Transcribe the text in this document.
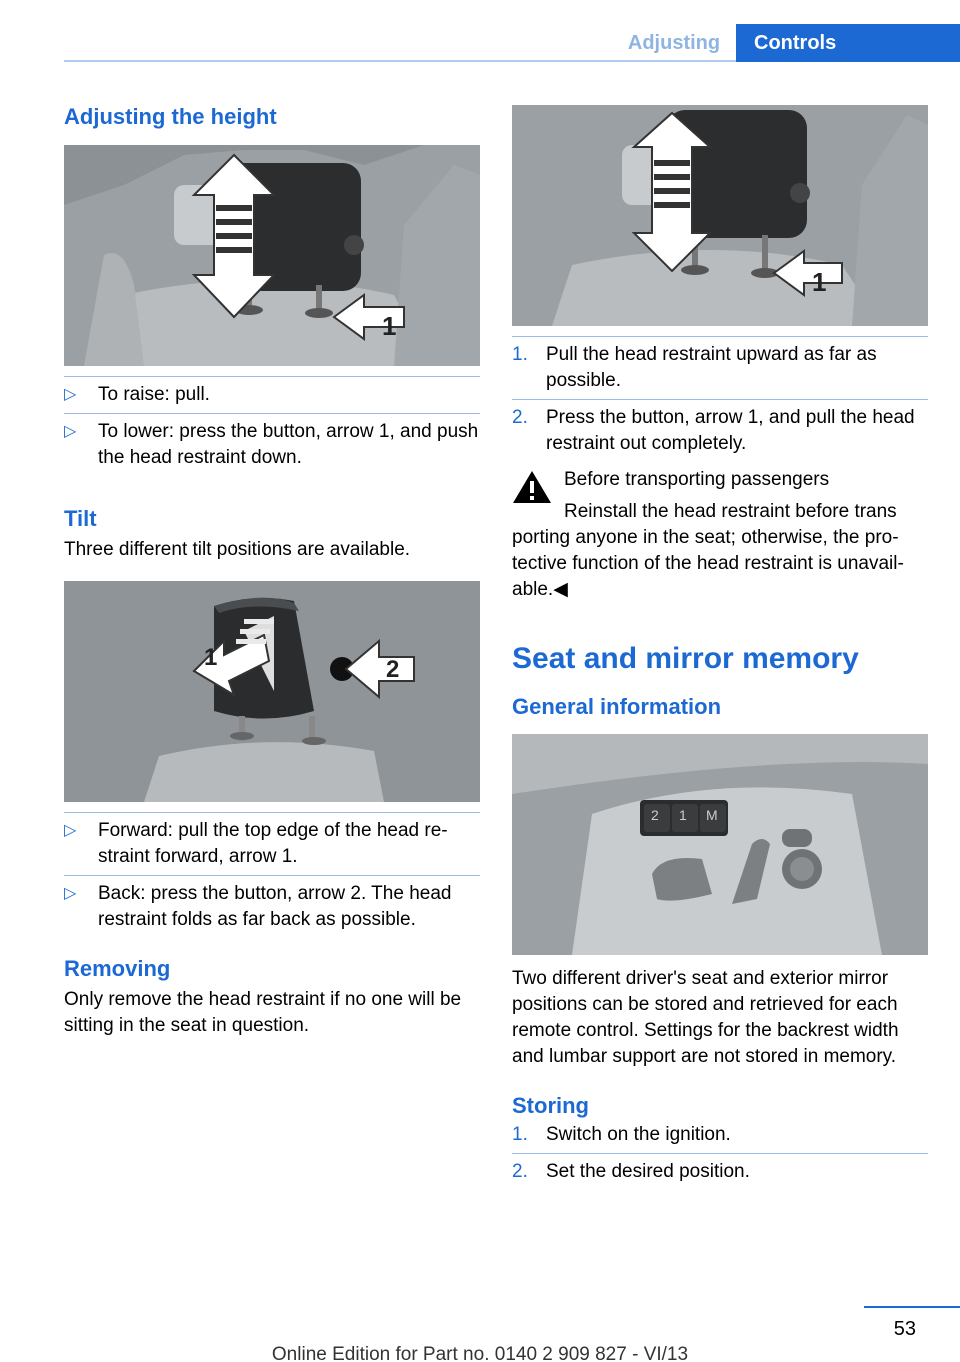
Adjusting	Controls
Adjusting the height
1
▷ To raise: pull.
▷ To lower: press the button, arrow 1, and push the head restraint down.
Tilt

Three different tilt positions are available.

1	2
▷ Forward: pull the top edge of the head restraint forward, arrow 1.
▷ Back: press the button, arrow 2. The head restraint folds as far back as possible.
Removing

Only remove the head restraint if no one will be sitting in the seat in question.

1
1. Pull the head restraint upward as far as possible.
2. Press the button, arrow 1, and pull the head restraint out completely.

Before transporting passengers

Reinstall the head restraint before trans

porting anyone in the seat; otherwise, the protective function of the head restraint is unavailable.◀

Seat and mirror memory
General information
2 1 M

Two different driver's seat and exterior mirror positions can be stored and retrieved for each remote control. Settings for the backrest width and lumbar support are not stored in memory.

Storing
1. Switch on the ignition.
2. Set the desired position.
53
Online Edition for Part no. 0140 2 909 827 - VI/13
